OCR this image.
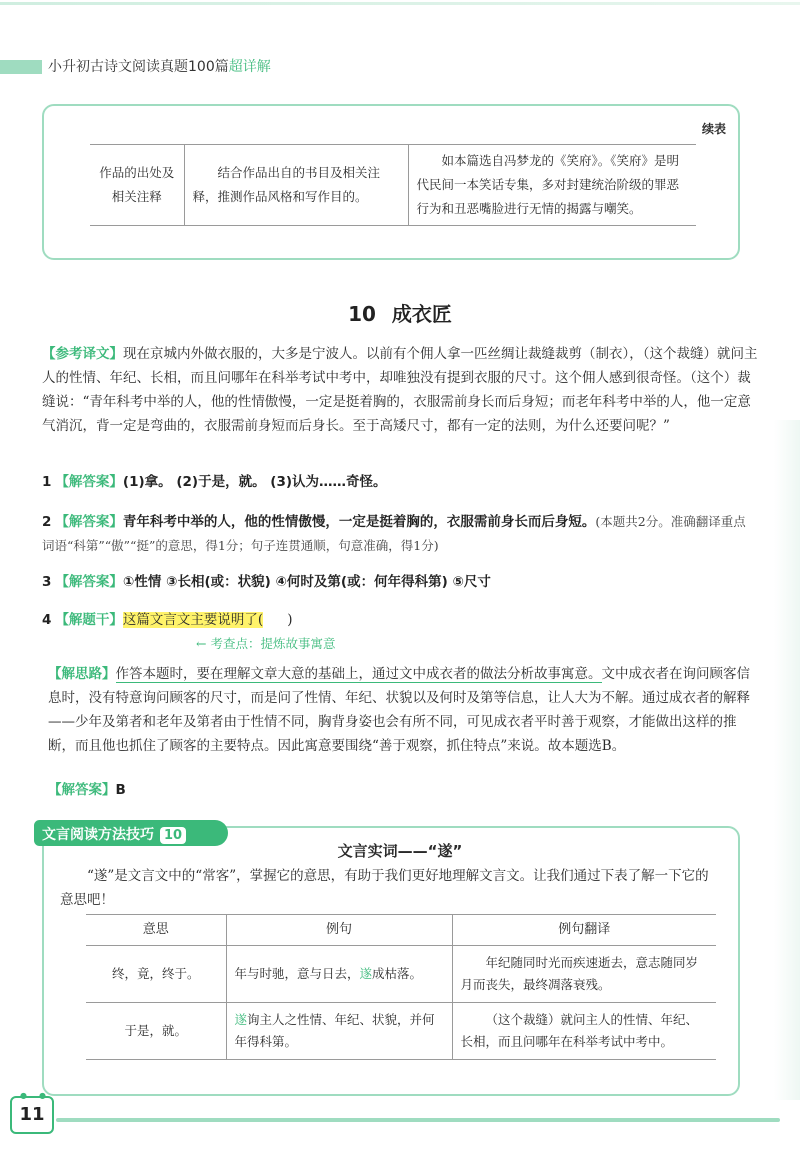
小升初古诗文阅读真题100篇超详解
续表
作品的出处及相关注释	结合作品出自的书目及相关注释，推测作品风格和写作目的。	如本篇选自冯梦龙的《笑府》。《笑府》是明代民间一本笑话专集，多对封建统治阶级的罪恶行为和丑恶嘴脸进行无情的揭露与嘲笑。
10 成衣匠
【参考译文】现在京城内外做衣服的，大多是宁波人。以前有个佣人拿一匹丝绸让裁缝裁剪（制衣），（这个裁缝）就问主人的性情、年纪、长相，而且问哪年在科举考试中考中，却唯独没有提到衣服的尺寸。这个佣人感到很奇怪。（这个）裁缝说：“青年科考中举的人，他的性情傲慢，一定是挺着胸的，衣服需前身长而后身短；而老年科考中举的人，他一定意气消沉，背一定是弯曲的，衣服需前身短而后身长。至于高矮尺寸，都有一定的法则，为什么还要问呢？”
1 【解答案】(1)拿。 (2)于是，就。 (3)认为……奇怪。
2 【解答案】青年科考中举的人，他的性情傲慢，一定是挺着胸的，衣服需前身长而后身短。(本题共2分。准确翻译重点词语“科第”“傲”“挺”的意思，得1分；句子连贯通顺，句意准确，得1分)
3 【解答案】①性情 ③长相(或：状貌) ④何时及第(或：何年得科第) ⑤尺寸
4 【解题干】这篇文言文主要说明了( )
← 考查点：提炼故事寓意
【解思路】作答本题时，要在理解文章大意的基础上，通过文中成衣者的做法分析故事寓意。文中成衣者在询问顾客信息时，没有特意询问顾客的尺寸，而是问了性情、年纪、状貌以及何时及第等信息，让人大为不解。通过成衣者的解释——少年及第者和老年及第者由于性情不同，胸背身姿也会有所不同，可见成衣者平时善于观察，才能做出这样的推断，而且他也抓住了顾客的主要特点。因此寓意要围绕“善于观察，抓住特点”来说。故本题选B。
【解答案】B
意思	例句	例句翻译
终，竟，终于。	年与时驰，意与日去，遂成枯落。	年纪随同时光而疾速逝去，意志随同岁月而丧失，最终凋落衰残。
于是，就。	遂询主人之性情、年纪、状貌，并何年得科第。	（这个裁缝）就问主人的性情、年纪、长相，而且问哪年在科举考试中考中。
文言阅读方法技巧 10
文言实词——“遂”
“遂”是文言文中的“常客”，掌握它的意思，有助于我们更好地理解文言文。让我们通过下表了解一下它的意思吧！
●●
11
